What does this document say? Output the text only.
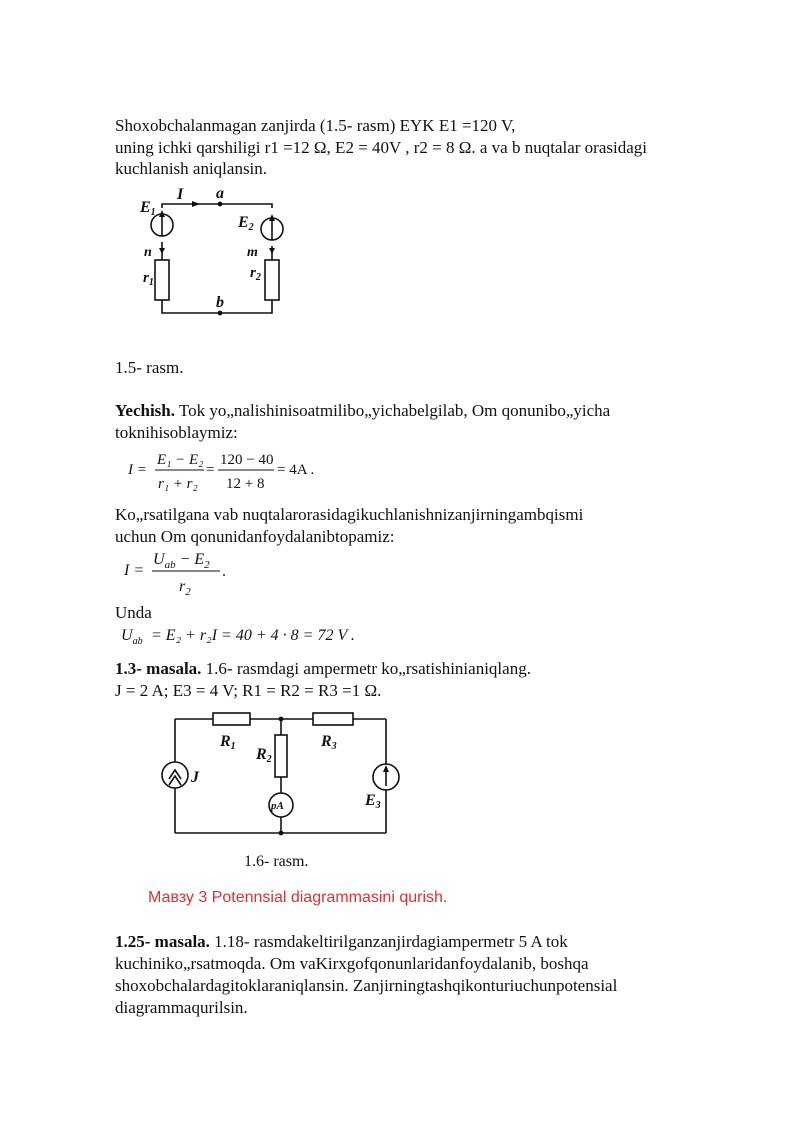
Shoxobchalanmagan zanjirda (1.5- rasm) EYK E1 =120 V,
uning ichki qarshiligi r1 =12 Ω, E2 = 40V , r2 = 8 Ω. a va b nuqtalar orasidagi
kuchlanish aniqlansin.
E1
I a
E2
n	m
$r_1$
$r_2$
b
1.5- rasm.
Yechish. Tok yo„nalishinisoatmilibo„yichabelgilab, Om qonunibo„yicha
toknihisoblaymiz:
I =
E₁ − E₂
r₁ + r₂
=
120 − 40
12 + 8
= 4A .
Ko„rsatilgana vab nuqtalarorasidagikuchlanishnizanjirningambqismi
uchun Om qonunidanfoydalanibtopamiz:
I =
$U_{ab} - E_2$
$r_2$
.
Unda
$U_{ab} = E_2 + r_2I = 40 + 4 \cdot 8 = 72$ V .
1.3- masala. 1.6- rasmdagi ampermetr ko„rsatishinianiqlang.
J = 2 A; E3 = 4 V; R1 = R2 = R3 =1 Ω.
R1 R2
R3
J
pA	E3
1.6- rasm.
Мавзу 3 Potennsial diagrammasini qurish.
1.25- masala. 1.18- rasmdakeltirilganzanjirdagiampermetr 5 A tok
kuchiniko„rsatmoqda. Om vaKirxgofqonunlaridanfoydalanib, boshqa
shoxobchalardagitoklaraniqlansin. Zanjirningtashqikonturiuchunpotensial
diagrammaqurilsin.
